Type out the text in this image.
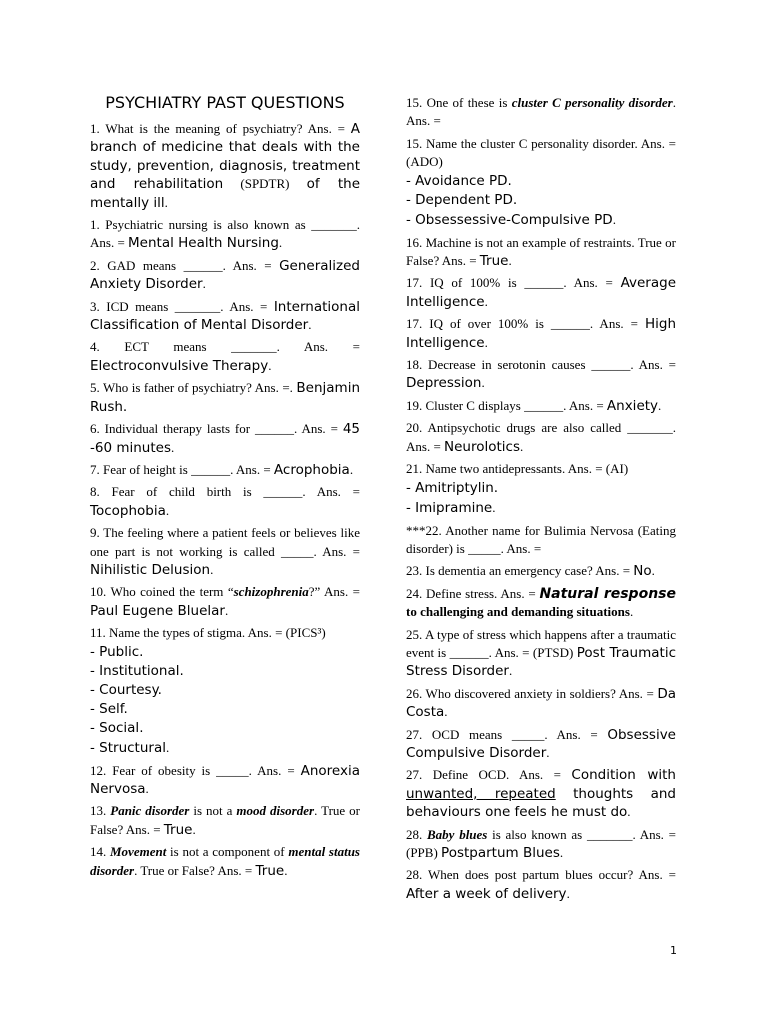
PSYCHIATRY PAST QUESTIONS

1. What is the meaning of psychiatry? Ans. = A branch of medicine that deals with the study, prevention, diagnosis, treatment and rehabilitation (SPDTR) of the mentally ill.

1. Psychiatric nursing is also known as _______. Ans. = Mental Health Nursing.

2. GAD means ______. Ans. = Generalized Anxiety Disorder.

3. ICD means _______. Ans. = International Classification of Mental Disorder.

4. ECT means _______. Ans. = Electroconvulsive Therapy.

5. Who is father of psychiatry? Ans. =. Benjamin Rush.

6. Individual therapy lasts for ______. Ans. = 45 -60 minutes.

7. Fear of height is ______. Ans. = Acrophobia.

8. Fear of child birth is ______. Ans. = Tocophobia.

9. The feeling where a patient feels or believes like one part is not working is called _____. Ans. = Nihilistic Delusion.

10. Who coined the term “schizophrenia?” Ans. = Paul Eugene Bluelar.

11. Name the types of stigma. Ans. = (PICS³)
- Public.
- Institutional.
- Courtesy.
- Self.
- Social.
- Structural.

12. Fear of obesity is _____. Ans. = Anorexia Nervosa.

13. Panic disorder is not a mood disorder. True or False? Ans. = True.

14. Movement is not a component of mental status disorder. True or False? Ans. = True.

15. One of these is cluster C personality disorder. Ans. =

15. Name the cluster C personality disorder. Ans. = (ADO)
- Avoidance PD.
- Dependent PD.
- Obsessessive-Compulsive PD.

16. Machine is not an example of restraints. True or False? Ans. = True.

17. IQ of 100% is ______. Ans. = Average Intelligence.

17. IQ of over 100% is ______. Ans. = High Intelligence.

18. Decrease in serotonin causes ______. Ans. = Depression.

19. Cluster C displays ______. Ans. = Anxiety.

20. Antipsychotic drugs are also called _______. Ans. = Neurolotics.

21. Name two antidepressants. Ans. = (AI)
- Amitriptylin.
- Imipramine.

***22. Another name for Bulimia Nervosa (Eating disorder) is _____. Ans. =

23. Is dementia an emergency case? Ans. = No.

24. Define stress. Ans. = Natural response to challenging and demanding situations.

25. A type of stress which happens after a traumatic event is ______. Ans. = (PTSD) Post Traumatic Stress Disorder.

26. Who discovered anxiety in soldiers? Ans. = Da Costa.

27. OCD means _____. Ans. = Obsessive Compulsive Disorder.

27. Define OCD. Ans. = Condition with unwanted, repeated thoughts and behaviours one feels he must do.

28. Baby blues is also known as _______. Ans. = (PPB) Postpartum Blues.

28. When does post partum blues occur? Ans. = After a week of delivery.

1
